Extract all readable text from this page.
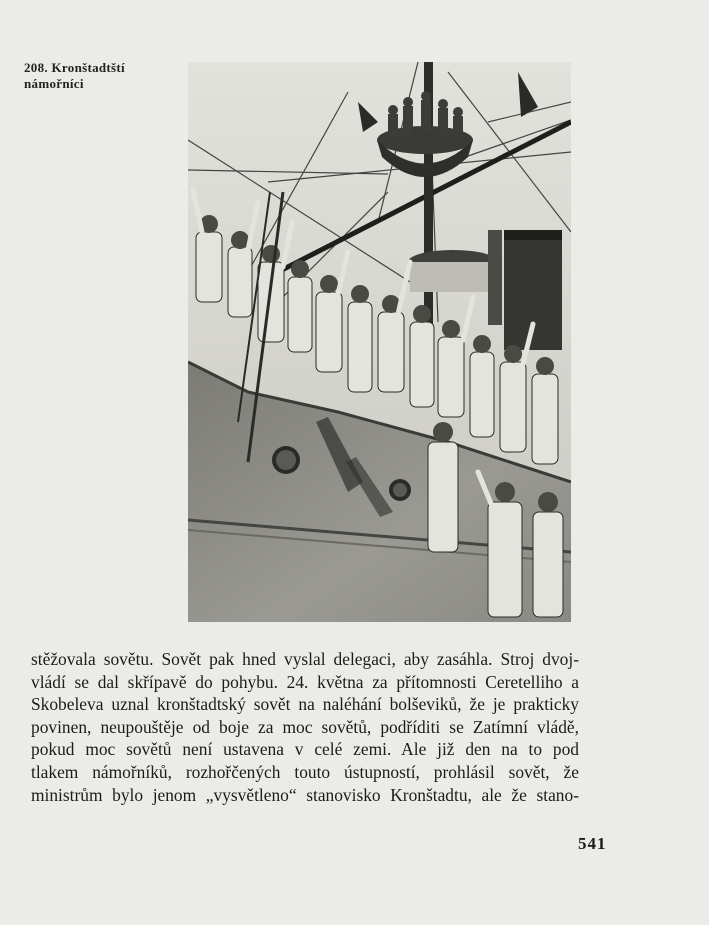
208. Kronštadtští
námořníci
stěžovala sovětu. Sovět pak hned vyslal delegaci, aby zasáhla. Stroj dvoj-
vládí se dal skřípavě do pohybu. 24. května za přítomnosti Ceretelliho a
Skobeleva uznal kronštadtský sovět na naléhání bolševiků, že je prakticky
povinen, neupouštěje od boje za moc sovětů, podříditi se Zatímní vládě,
pokud moc sovětů není ustavena v celé zemi. Ale již den na to pod
tlakem námořníků, rozhořčených touto ústupností, prohlásil sovět, že
ministrům bylo jenom „vysvětleno“ stanovisko Kronštadtu, ale že stano-
541
